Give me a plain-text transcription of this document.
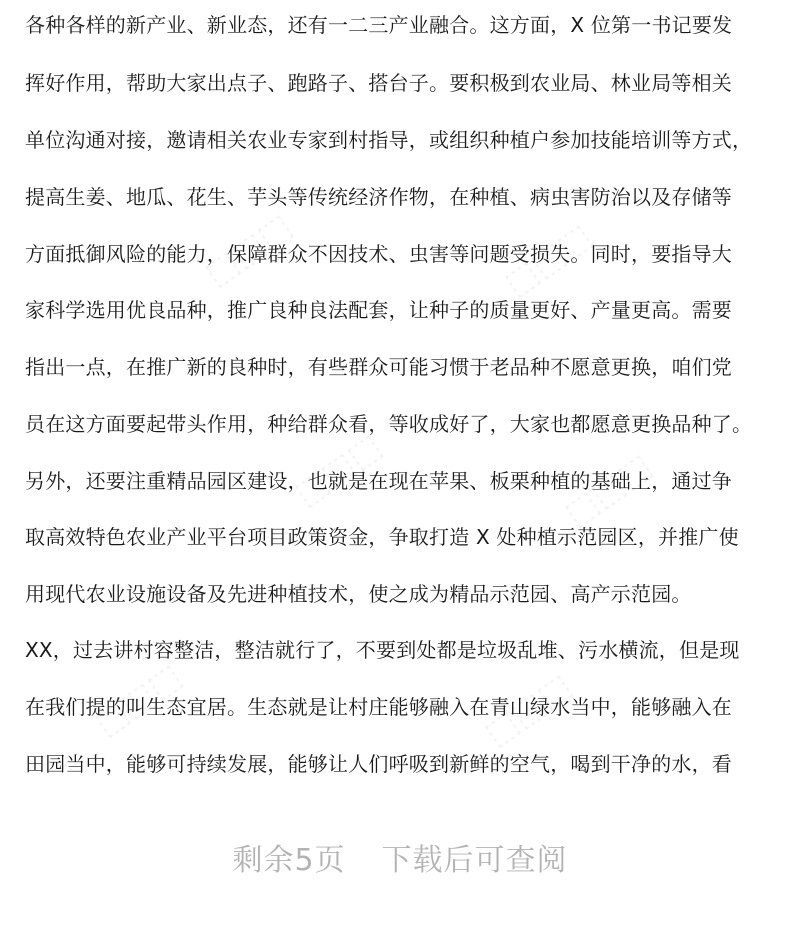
⬚⬚⬚	⬚⬚⬚
⬚⬚⬚	⬚⬚⬚
⬚⬚⬚	⬚⬚⬚
各种各样的新产业、新业态，还有一二三产业融合。这方面，X 位第一书记要发
挥好作用，帮助大家出点子、跑路子、搭台子。要积极到农业局、林业局等相关
单位沟通对接，邀请相关农业专家到村指导，或组织种植户参加技能培训等方式，
提高生姜、地瓜、花生、芋头等传统经济作物，在种植、病虫害防治以及存储等
方面抵御风险的能力，保障群众不因技术、虫害等问题受损失。同时，要指导大
家科学选用优良品种，推广良种良法配套，让种子的质量更好、产量更高。需要
指出一点，在推广新的良种时，有些群众可能习惯于老品种不愿意更换，咱们党
员在这方面要起带头作用，种给群众看，等收成好了，大家也都愿意更换品种了。
另外，还要注重精品园区建设，也就是在现在苹果、板栗种植的基础上，通过争
取高效特色农业产业平台项目政策资金，争取打造 X 处种植示范园区，并推广使
用现代农业设施设备及先进种植技术，使之成为精品示范园、高产示范园。
XX，过去讲村容整洁，整洁就行了，不要到处都是垃圾乱堆、污水横流，但是现
在我们提的叫生态宜居。生态就是让村庄能够融入在青山绿水当中，能够融入在
田园当中，能够可持续发展，能够让人们呼吸到新鲜的空气，喝到干净的水，看
剩余5页 下载后可查阅
